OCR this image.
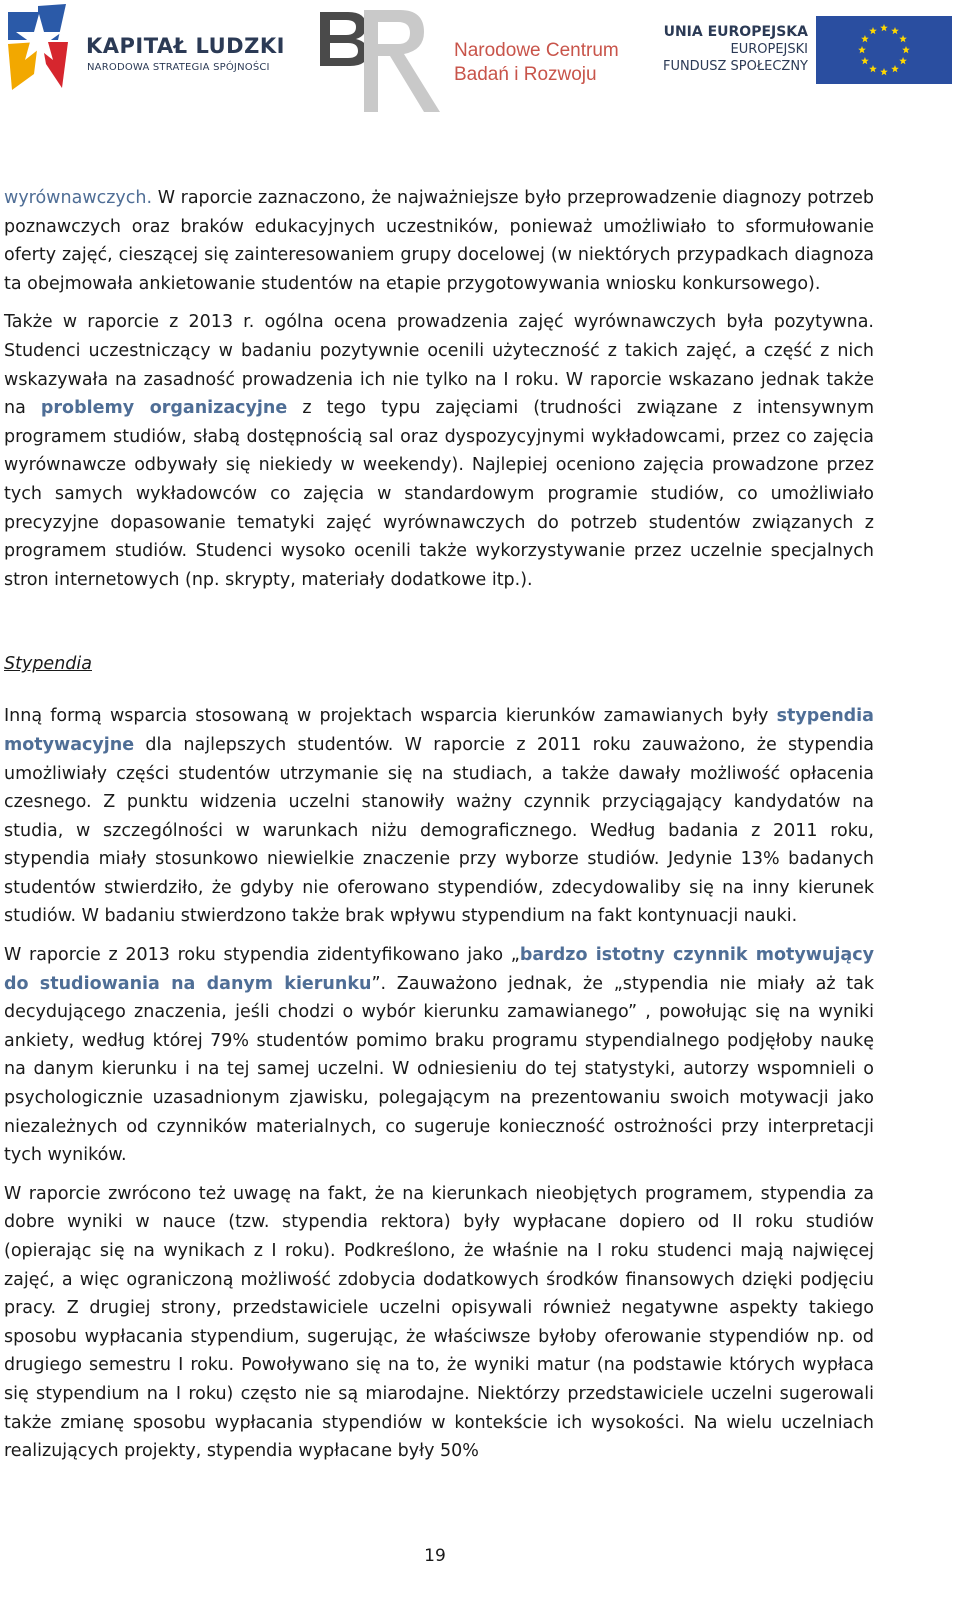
KAPITAŁ LUDZKI
NARODOWA STRATEGIA SPÓJNOŚCI
Narodowe Centrum
Badań i Rozwoju
UNIA EUROPEJSKA
EUROPEJSKI
FUNDUSZ SPOŁECZNY

wyrównawczych. W raporcie zaznaczono, że najważniejsze było przeprowadzenie diagnozy potrzeb poznawczych oraz braków edukacyjnych uczestników, ponieważ umożliwiało to sformułowanie oferty zajęć, cieszącej się zainteresowaniem grupy docelowej (w niektórych przypadkach diagnoza ta obejmowała ankietowanie studentów na etapie przygotowywania wniosku konkursowego).

Także w raporcie z 2013 r. ogólna ocena prowadzenia zajęć wyrównawczych była pozytywna. Studenci uczestniczący w badaniu pozytywnie ocenili użyteczność z takich zajęć, a część z nich wskazywała na zasadność prowadzenia ich nie tylko na I roku. W raporcie wskazano jednak także na problemy organizacyjne z tego typu zajęciami (trudności związane z intensywnym programem studiów, słabą dostępnością sal oraz dyspozycyjnymi wykładowcami, przez co zajęcia wyrównawcze odbywały się niekiedy w weekendy). Najlepiej oceniono zajęcia prowadzone przez tych samych wykładowców co zajęcia w standardowym programie studiów, co umożliwiało precyzyjne dopasowanie tematyki zajęć wyrównawczych do potrzeb studentów związanych z programem studiów. Studenci wysoko ocenili także wykorzystywanie przez uczelnie specjalnych stron internetowych (np. skrypty, materiały dodatkowe itp.).

Stypendia

Inną formą wsparcia stosowaną w projektach wsparcia kierunków zamawianych były stypendia motywacyjne dla najlepszych studentów. W raporcie z 2011 roku zauważono, że stypendia umożliwiały części studentów utrzymanie się na studiach, a także dawały możliwość opłacenia czesnego. Z punktu widzenia uczelni stanowiły ważny czynnik przyciągający kandydatów na studia, w szczególności w warunkach niżu demograficznego. Według badania z 2011 roku, stypendia miały stosunkowo niewielkie znaczenie przy wyborze studiów. Jedynie 13% badanych studentów stwierdziło, że gdyby nie oferowano stypendiów, zdecydowaliby się na inny kierunek studiów. W badaniu stwierdzono także brak wpływu stypendium na fakt kontynuacji nauki.

W raporcie z 2013 roku stypendia zidentyfikowano jako „bardzo istotny czynnik motywujący do studiowania na danym kierunku”. Zauważono jednak, że „stypendia nie miały aż tak decydującego znaczenia, jeśli chodzi o wybór kierunku zamawianego” , powołując się na wyniki ankiety, według której 79% studentów pomimo braku programu stypendialnego podjęłoby naukę na danym kierunku i na tej samej uczelni. W odniesieniu do tej statystyki, autorzy wspomnieli o psychologicznie uzasadnionym zjawisku, polegającym na prezentowaniu swoich motywacji jako niezależnych od czynników materialnych, co sugeruje konieczność ostrożności przy interpretacji tych wyników.

W raporcie zwrócono też uwagę na fakt, że na kierunkach nieobjętych programem, stypendia za dobre wyniki w nauce (tzw. stypendia rektora) były wypłacane dopiero od II roku studiów (opierając się na wynikach z I roku). Podkreślono, że właśnie na I roku studenci mają najwięcej zajęć, a więc ograniczoną możliwość zdobycia dodatkowych środków finansowych dzięki podjęciu pracy. Z drugiej strony, przedstawiciele uczelni opisywali również negatywne aspekty takiego sposobu wypłacania stypendium, sugerując, że właściwsze byłoby oferowanie stypendiów np. od drugiego semestru I roku. Powoływano się na to, że wyniki matur (na podstawie których wypłaca się stypendium na I roku) często nie są miarodajne. Niektórzy przedstawiciele uczelni sugerowali także zmianę sposobu wypłacania stypendiów w kontekście ich wysokości. Na wielu uczelniach realizujących projekty, stypendia wypłacane były 50%

19
